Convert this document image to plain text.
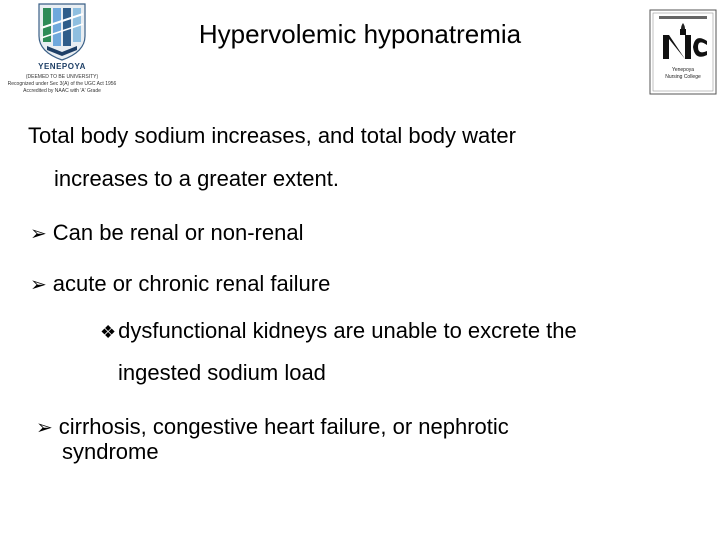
YENEPOYA
(DEEMED TO BE UNIVERSITY)
Recognized under Sec 3(A) of the UGC Act 1956
Accredited by NAAC with 'A' Grade
Yenepoya
Nursing College
Hypervolemic hyponatremia
Total body sodium increases, and total body water
increases to a greater extent.
➢ Can be renal or non-renal
➢ acute or chronic renal failure
❖dysfunctional kidneys are unable to excrete the
ingested sodium load
➢ cirrhosis, congestive heart failure, or nephrotic
syndrome
